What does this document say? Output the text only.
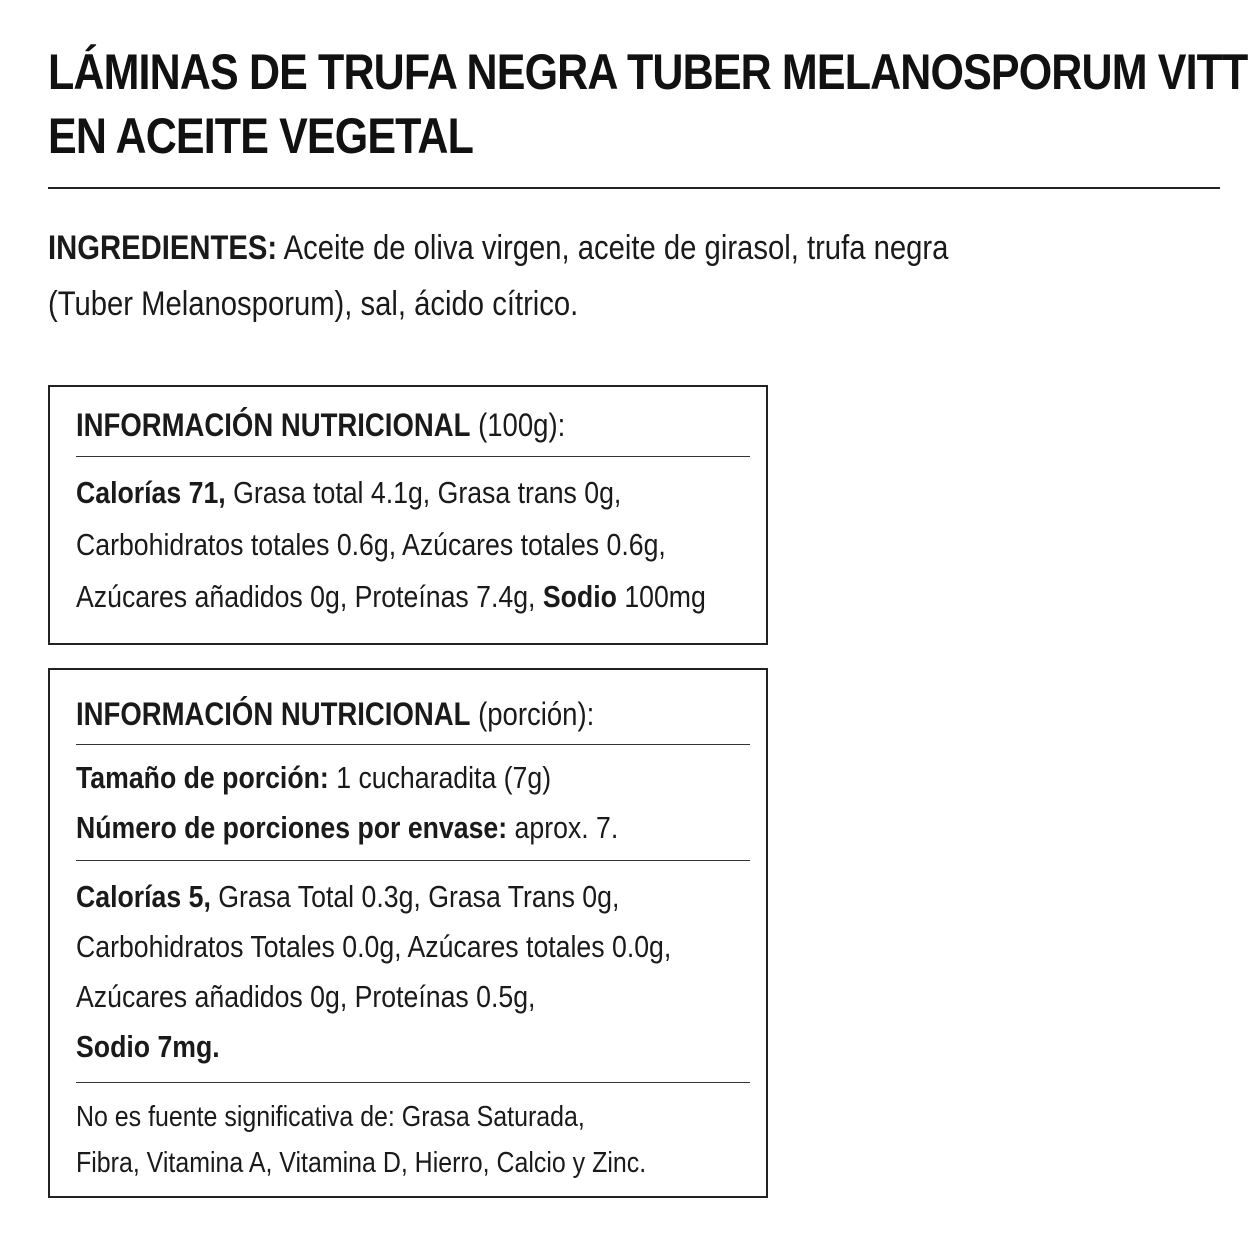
LÁMINAS DE TRUFA NEGRA TUBER MELANOSPORUM VITT
EN ACEITE VEGETAL
INGREDIENTES: Aceite de oliva virgen, aceite de girasol, trufa negra
(Tuber Melanosporum), sal, ácido cítrico.
INFORMACIÓN NUTRICIONAL (100g):
Calorías 71, Grasa total 4.1g, Grasa trans 0g,
Carbohidratos totales 0.6g, Azúcares totales 0.6g,
Azúcares añadidos 0g, Proteínas 7.4g, Sodio 100mg
INFORMACIÓN NUTRICIONAL (porción):
Tamaño de porción: 1 cucharadita (7g)
Número de porciones por envase: aprox. 7.
Calorías 5, Grasa Total 0.3g, Grasa Trans 0g,
Carbohidratos Totales 0.0g, Azúcares totales 0.0g,
Azúcares añadidos 0g, Proteínas 0.5g,
Sodio 7mg.
No es fuente significativa de: Grasa Saturada,
Fibra, Vitamina A, Vitamina D, Hierro, Calcio y Zinc.
